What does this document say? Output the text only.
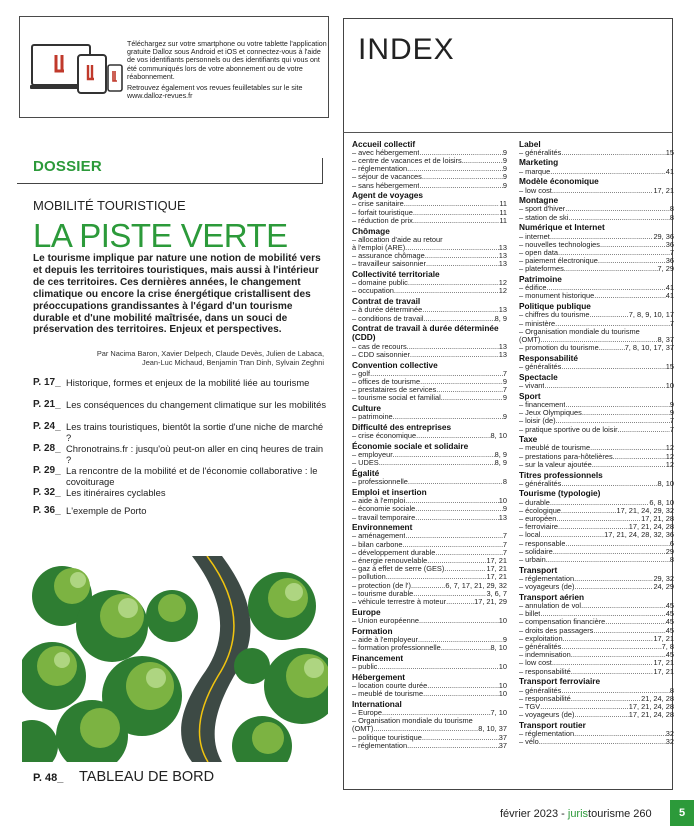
Téléchargez sur votre smartphone ou votre tablette l'application gratuite Dalloz sous Android et iOS et connectez-vous à l'aide de vos identifiants personnels ou des identifiants qui vous ont été communiqués lors de votre abonnement ou de votre réabonnement.

Retrouvez également vos revues feuilletables sur le site www.dalloz-revues.fr

DOSSIER
MOBILITÉ TOURISTIQUE
LA PISTE VERTE
Le tourisme implique par nature une notion de mobilité vers et depuis les territoires touristiques, mais aussi à l'intérieur de ces territoires. Ces dernières années, le changement climatique ou encore la crise énergétique cristallisent des préoccupations grandissantes à l'égard d'un tourisme durable et d'une mobilité maîtrisée, dans un souci de préservation des territoires. Enjeux et perspectives.
Par Nacima Baron, Xavier Delpech, Claude Devès, Julien de Labaca,
Jean-Luc Michaud, Benjamin Tran Dinh, Sylvain Zeghni
P. 17 _	Historique, formes et enjeux de la mobilité liée au tourisme
P. 21 _	Les conséquences du changement climatique sur les mobilités
P. 24 _	Les trains touristiques, bientôt la sortie d'une niche de marché ?
P. 28 _	Chronotrains.fr : jusqu'où peut-on aller en cinq heures de train ?
P. 29 _	La rencontre de la mobilité et de l'économie collaborative : le covoiturage
P. 32 _	Les itinéraires cyclables
P. 36 _	L'exemple de Porto
P. 48 _	TABLEAU DE BORD
INDEX
Accueil collectif
– avec hébergement .....	9
– centre de vacances et de loisirs .....	9
– réglementation .....	9
– séjour de vacances .....	9
– sans hébergement .....	9
Agent de voyages
– crise sanitaire .....	11
– forfait touristique .....	11
– réduction de prix .....	11
Chômage
– allocation d'aide au retour
à l'emploi (ARE) .....	13
– assurance chômage .....	13
– travailleur saisonnier .....	13
Collectivité territoriale
– domaine public .....	12
– occupation .....	12
Contrat de travail
– à durée déterminée .....	13
– conditions de travail .....	8, 9
Contrat de travail à durée déterminée (CDD)
– cas de recours .....	13
– CDD saisonnier .....	13
Convention collective
– golf .....	7
– offices de tourisme .....	9
– prestataires de services .....	7
– tourisme social et familial .....	9
Culture
– patrimoine .....	9
Difficulté des entreprises
– crise économique .....	8, 10
Économie sociale et solidaire
– employeur .....	8, 9
– UDES .....	8, 9
Égalité
– professionnelle .....	8
Emploi et insertion
– aide à l'emploi .....	10
– économie sociale .....	9
– travail temporaire .....	13
Environnement
– aménagement .....	7
– bilan carbone .....	7
– développement durable .....	7
– énergie renouvelable .....	17, 21
– gaz à effet de serre (GES) .....	17, 21
– pollution .....	17, 21
– protection (de l') .....	6, 7, 17, 21, 29, 32
– tourisme durable .....	3, 6, 7
– véhicule terrestre à moteur .....	17, 21, 29
Europe
– Union européenne .....	10
Formation
– aide à l'employeur .....	9
– formation professionnelle .....	8, 10
Financement
– public .....	10
Hébergement
– location courte durée .....	10
– meublé de tourisme .....	10
International
– Europe .....	7, 10
– Organisation mondiale du tourisme
(OMT) .....	8, 10, 37
– politique touristique .....	37
– réglementation .....	37
Label
– généralités .....	15
Marketing
– marque .....	41
Modèle économique
– low cost .....	17, 21
Montagne
– sport d'hiver .....	8
– station de ski .....	8
Numérique et Internet
– internet .....	29, 36
– nouvelles technologies .....	36
– open data .....	7
– paiement électronique .....	36
– plateformes .....	7, 29
Patrimoine
– édifice .....	41
– monument historique .....	41
Politique publique
– chiffres du tourisme .....	7, 8, 9, 10, 17
– ministère .....	7
– Organisation mondiale du tourisme
(OMT) .....	8, 37
– promotion du tourisme .....	7, 8, 10, 17, 37
Responsabilité
– généralités .....	15
Spectacle
– vivant .....	10
Sport
– financement .....	9
– Jeux Olympiques .....	9
– loisir (de) .....	7
– pratique sportive ou de loisir .....	7
Taxe
– meublé de tourisme .....	12
– prestations para-hôtelières .....	12
– sur la valeur ajoutée .....	12
Titres professionnels
– généralités .....	8, 10
Tourisme (typologie)
– durable .....	6, 8, 10
– écologique .....	17, 21, 24, 29, 32
– européen .....	17, 21, 28
– ferroviaire .....	17, 21, 24, 28
– local .....	17, 21, 24, 28, 32, 36
– responsable .....	6
– solidaire .....	29
– urbain .....	8
Transport
– réglementation .....	29, 32
– voyageurs (de) .....	24, 29
Transport aérien
– annulation de vol .....	45
– billet .....	45
– compensation financière .....	45
– droits des passagers .....	45
– exploitation .....	17, 21
– généralités .....	7, 8
– indemnisation .....	45
– low cost .....	17, 21
– responsabilité .....	17, 21
Transport ferroviaire
– généralités .....	8
– responsabilité .....	21, 24, 28
– TGV .....	17, 21, 24, 28
– voyageurs (de) .....	17, 21, 24, 28
Transport routier
– réglementation .....	32
– vélo .....	32
février 2023 - juristourisme 260	5
